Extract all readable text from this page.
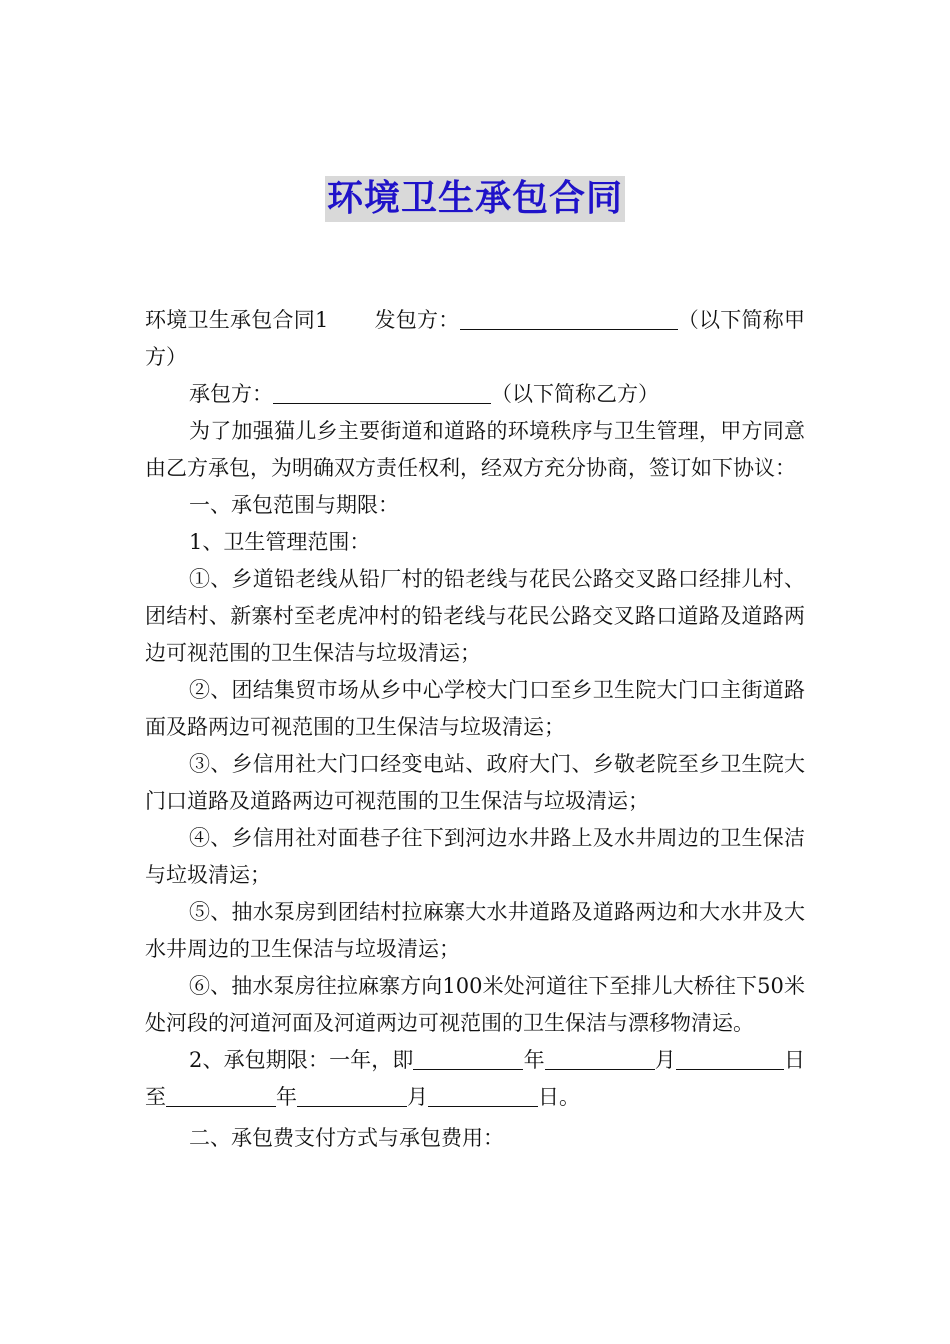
环境卫生承包合同

环境卫生承包合同1 发包方：	（以下简称甲方）

承包方：	（以下简称乙方）

为了加强猫儿乡主要街道和道路的环境秩序与卫生管理，甲方同意由乙方承包，为明确双方责任权利，经双方充分协商，签订如下协议：

一、承包范围与期限：

1、卫生管理范围：

①、乡道铅老线从铅厂村的铅老线与花民公路交叉路口经排儿村、团结村、新寨村至老虎冲村的铅老线与花民公路交叉路口道路及道路两边可视范围的卫生保洁与垃圾清运；

②、团结集贸市场从乡中心学校大门口至乡卫生院大门口主街道路面及路两边可视范围的卫生保洁与垃圾清运；

③、乡信用社大门口经变电站、政府大门、乡敬老院至乡卫生院大门口道路及道路两边可视范围的卫生保洁与垃圾清运；

④、乡信用社对面巷子往下到河边水井路上及水井周边的卫生保洁与垃圾清运；

⑤、抽水泵房到团结村拉麻寨大水井道路及道路两边和大水井及大水井周边的卫生保洁与垃圾清运；

⑥、抽水泵房往拉麻寨方向100米处河道往下至排儿大桥往下50米处河段的河道河面及河道两边可视范围的卫生保洁与漂移物清运。

2、承包期限：一年，即	年	月	日至	年	月	日。

二、承包费支付方式与承包费用：
